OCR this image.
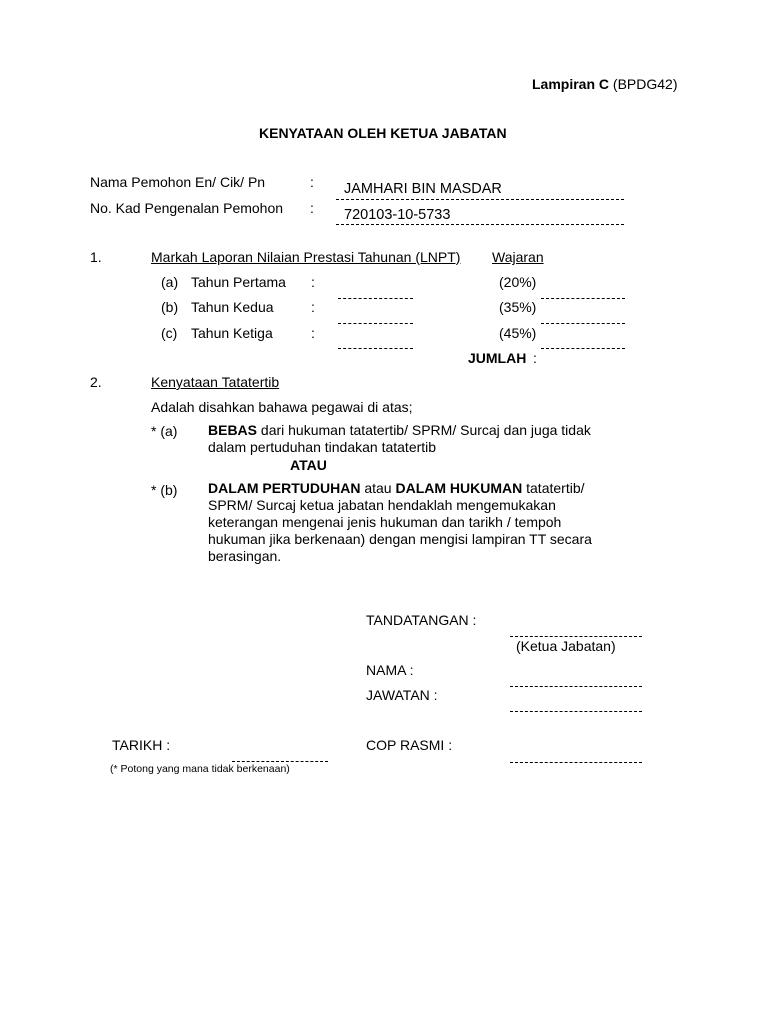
Lampiran C (BPDG42)
KENYATAAN OLEH KETUA JABATAN
Nama Pemohon En/ Cik/ Pn	: JAMHARI BIN MASDAR
No. Kad Pengenalan Pemohon : 720103-10-5733
1.	Markah Laporan Nilaian Prestasi Tahunan (LNPT) Wajaran
(a) Tahun Pertama :	(20%)
(b) Tahun Kedua	:	(35%)
(c) Tahun Ketiga	:	(45%)
JUMLAH :
2.	Kenyataan Tatatertib
Adalah disahkan bahawa pegawai di atas;
* (a) BEBAS dari hukuman tatatertib/ SPRM/ Surcaj dan juga tidak
dalam pertuduhan tindakan tatatertib
ATAU
* (b) DALAM PERTUDUHAN atau DALAM HUKUMAN tatatertib/
SPRM/ Surcaj ketua jabatan hendaklah mengemukakan
keterangan mengenai jenis hukuman dan tarikh / tempoh
hukuman jika berkenaan) dengan mengisi lampiran TT secara
berasingan.
TANDATANGAN :
(Ketua Jabatan)
NAMA :
JAWATAN :
TARIKH :	COP RASMI :
(* Potong yang mana tidak berkenaan)
